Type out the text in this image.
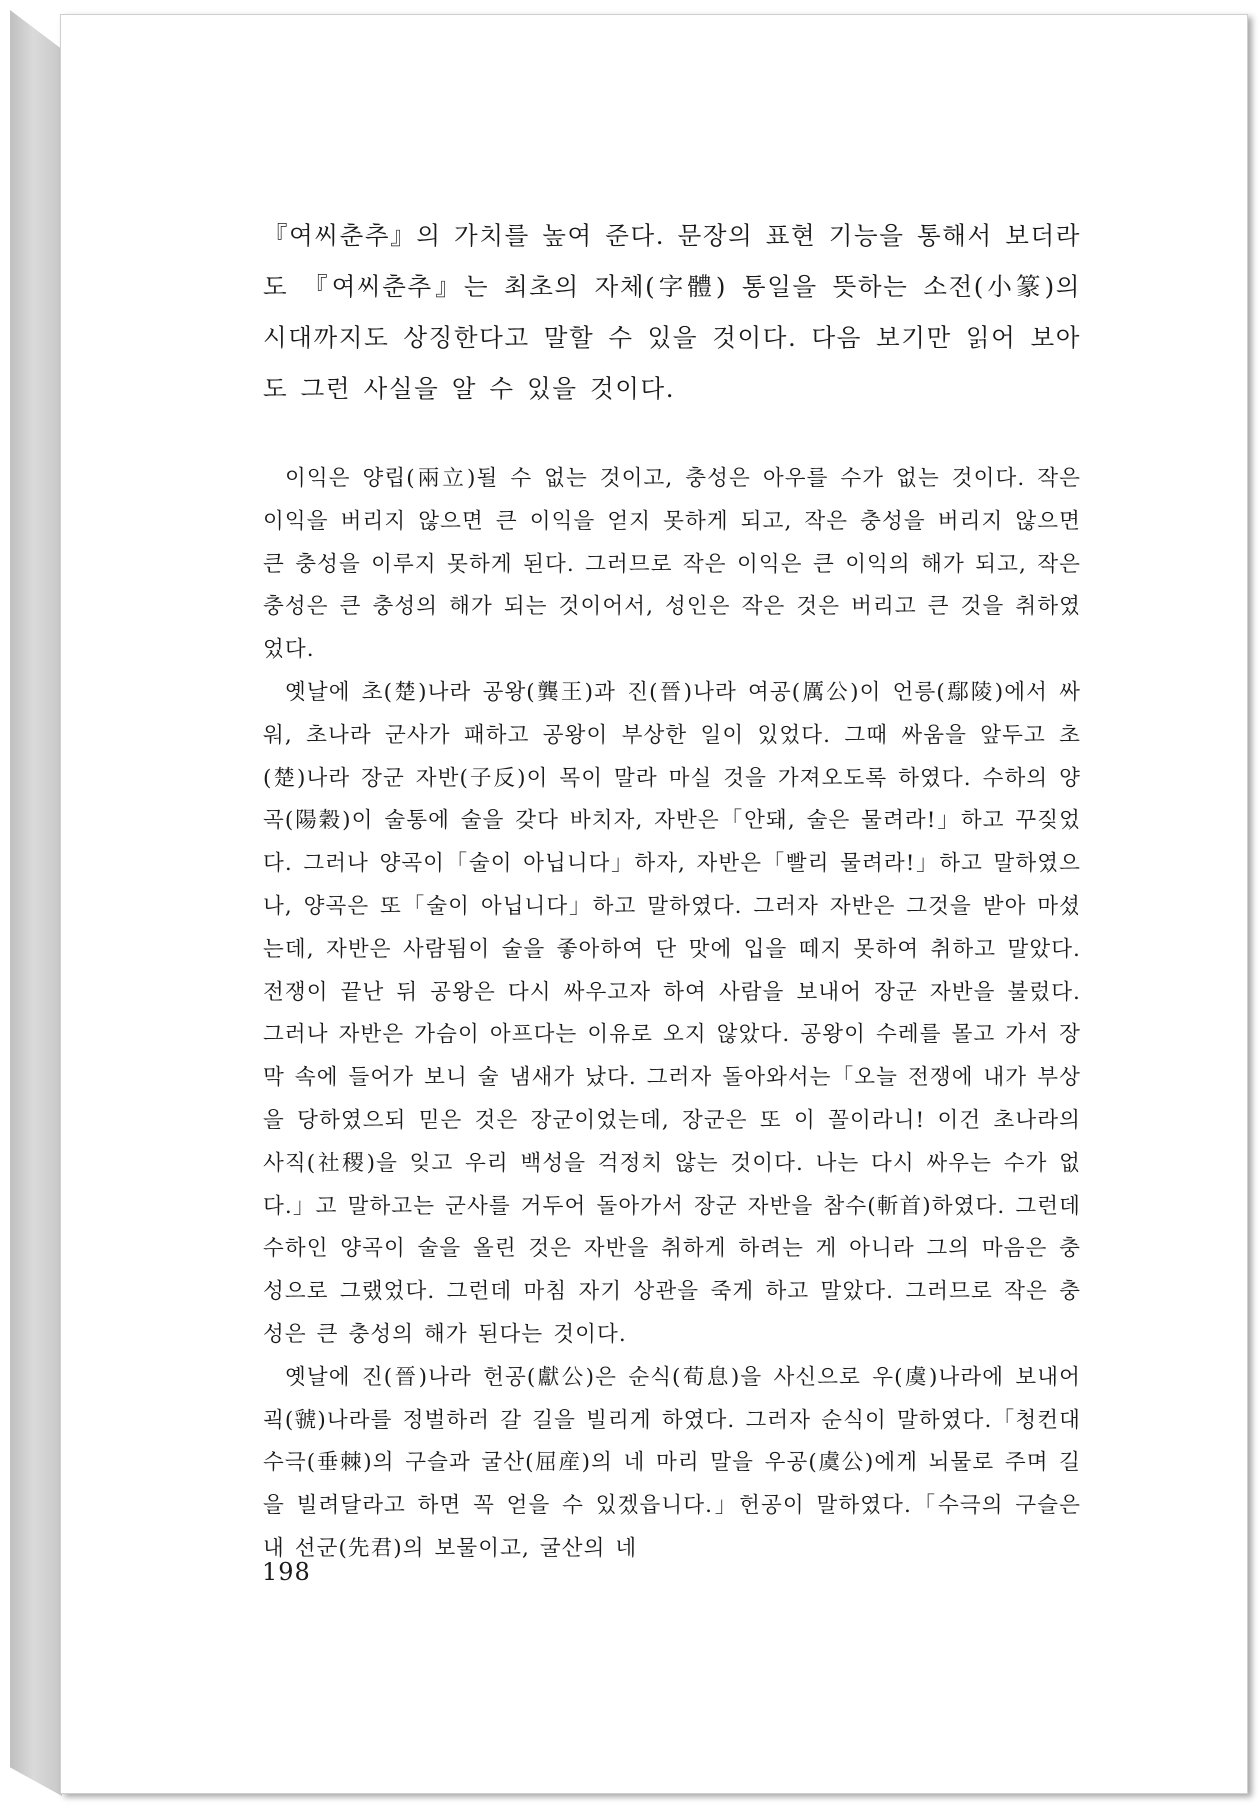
『여씨춘추』의 가치를 높여 준다. 문장의 표현 기능을 통해서 보더라도 『여씨춘추』는 최초의 자체(字體) 통일을 뜻하는 소전(小篆)의 시대까지도 상징한다고 말할 수 있을 것이다. 다음 보기만 읽어 보아도 그런 사실을 알 수 있을 것이다.

이익은 양립(兩立)될 수 없는 것이고, 충성은 아우를 수가 없는 것이다. 작은 이익을 버리지 않으면 큰 이익을 얻지 못하게 되고, 작은 충성을 버리지 않으면 큰 충성을 이루지 못하게 된다. 그러므로 작은 이익은 큰 이익의 해가 되고, 작은 충성은 큰 충성의 해가 되는 것이어서, 성인은 작은 것은 버리고 큰 것을 취하였었다.

옛날에 초(楚)나라 공왕(龔王)과 진(晉)나라 여공(厲公)이 언릉(鄢陵)에서 싸워, 초나라 군사가 패하고 공왕이 부상한 일이 있었다. 그때 싸움을 앞두고 초(楚)나라 장군 자반(子反)이 목이 말라 마실 것을 가져오도록 하였다. 수하의 양곡(陽穀)이 술통에 술을 갖다 바치자, 자반은「안돼, 술은 물려라!」하고 꾸짖었다. 그러나 양곡이「술이 아닙니다」하자, 자반은「빨리 물려라!」하고 말하였으나, 양곡은 또「술이 아닙니다」하고 말하였다. 그러자 자반은 그것을 받아 마셨는데, 자반은 사람됨이 술을 좋아하여 단 맛에 입을 떼지 못하여 취하고 말았다. 전쟁이 끝난 뒤 공왕은 다시 싸우고자 하여 사람을 보내어 장군 자반을 불렀다. 그러나 자반은 가슴이 아프다는 이유로 오지 않았다. 공왕이 수레를 몰고 가서 장막 속에 들어가 보니 술 냄새가 났다. 그러자 돌아와서는「오늘 전쟁에 내가 부상을 당하였으되 믿은 것은 장군이었는데, 장군은 또 이 꼴이라니! 이건 초나라의 사직(社稷)을 잊고 우리 백성을 걱정치 않는 것이다. 나는 다시 싸우는 수가 없다.」고 말하고는 군사를 거두어 돌아가서 장군 자반을 참수(斬首)하였다. 그런데 수하인 양곡이 술을 올린 것은 자반을 취하게 하려는 게 아니라 그의 마음은 충성으로 그랬었다. 그런데 마침 자기 상관을 죽게 하고 말았다. 그러므로 작은 충성은 큰 충성의 해가 된다는 것이다.

옛날에 진(晉)나라 헌공(獻公)은 순식(荀息)을 사신으로 우(虞)나라에 보내어 괵(虢)나라를 정벌하러 갈 길을 빌리게 하였다. 그러자 순식이 말하였다.「청컨대 수극(垂棘)의 구슬과 굴산(屈産)의 네 마리 말을 우공(虞公)에게 뇌물로 주며 길을 빌려달라고 하면 꼭 얻을 수 있겠읍니다.」헌공이 말하였다.「수극의 구슬은 내 선군(先君)의 보물이고, 굴산의 네

198
